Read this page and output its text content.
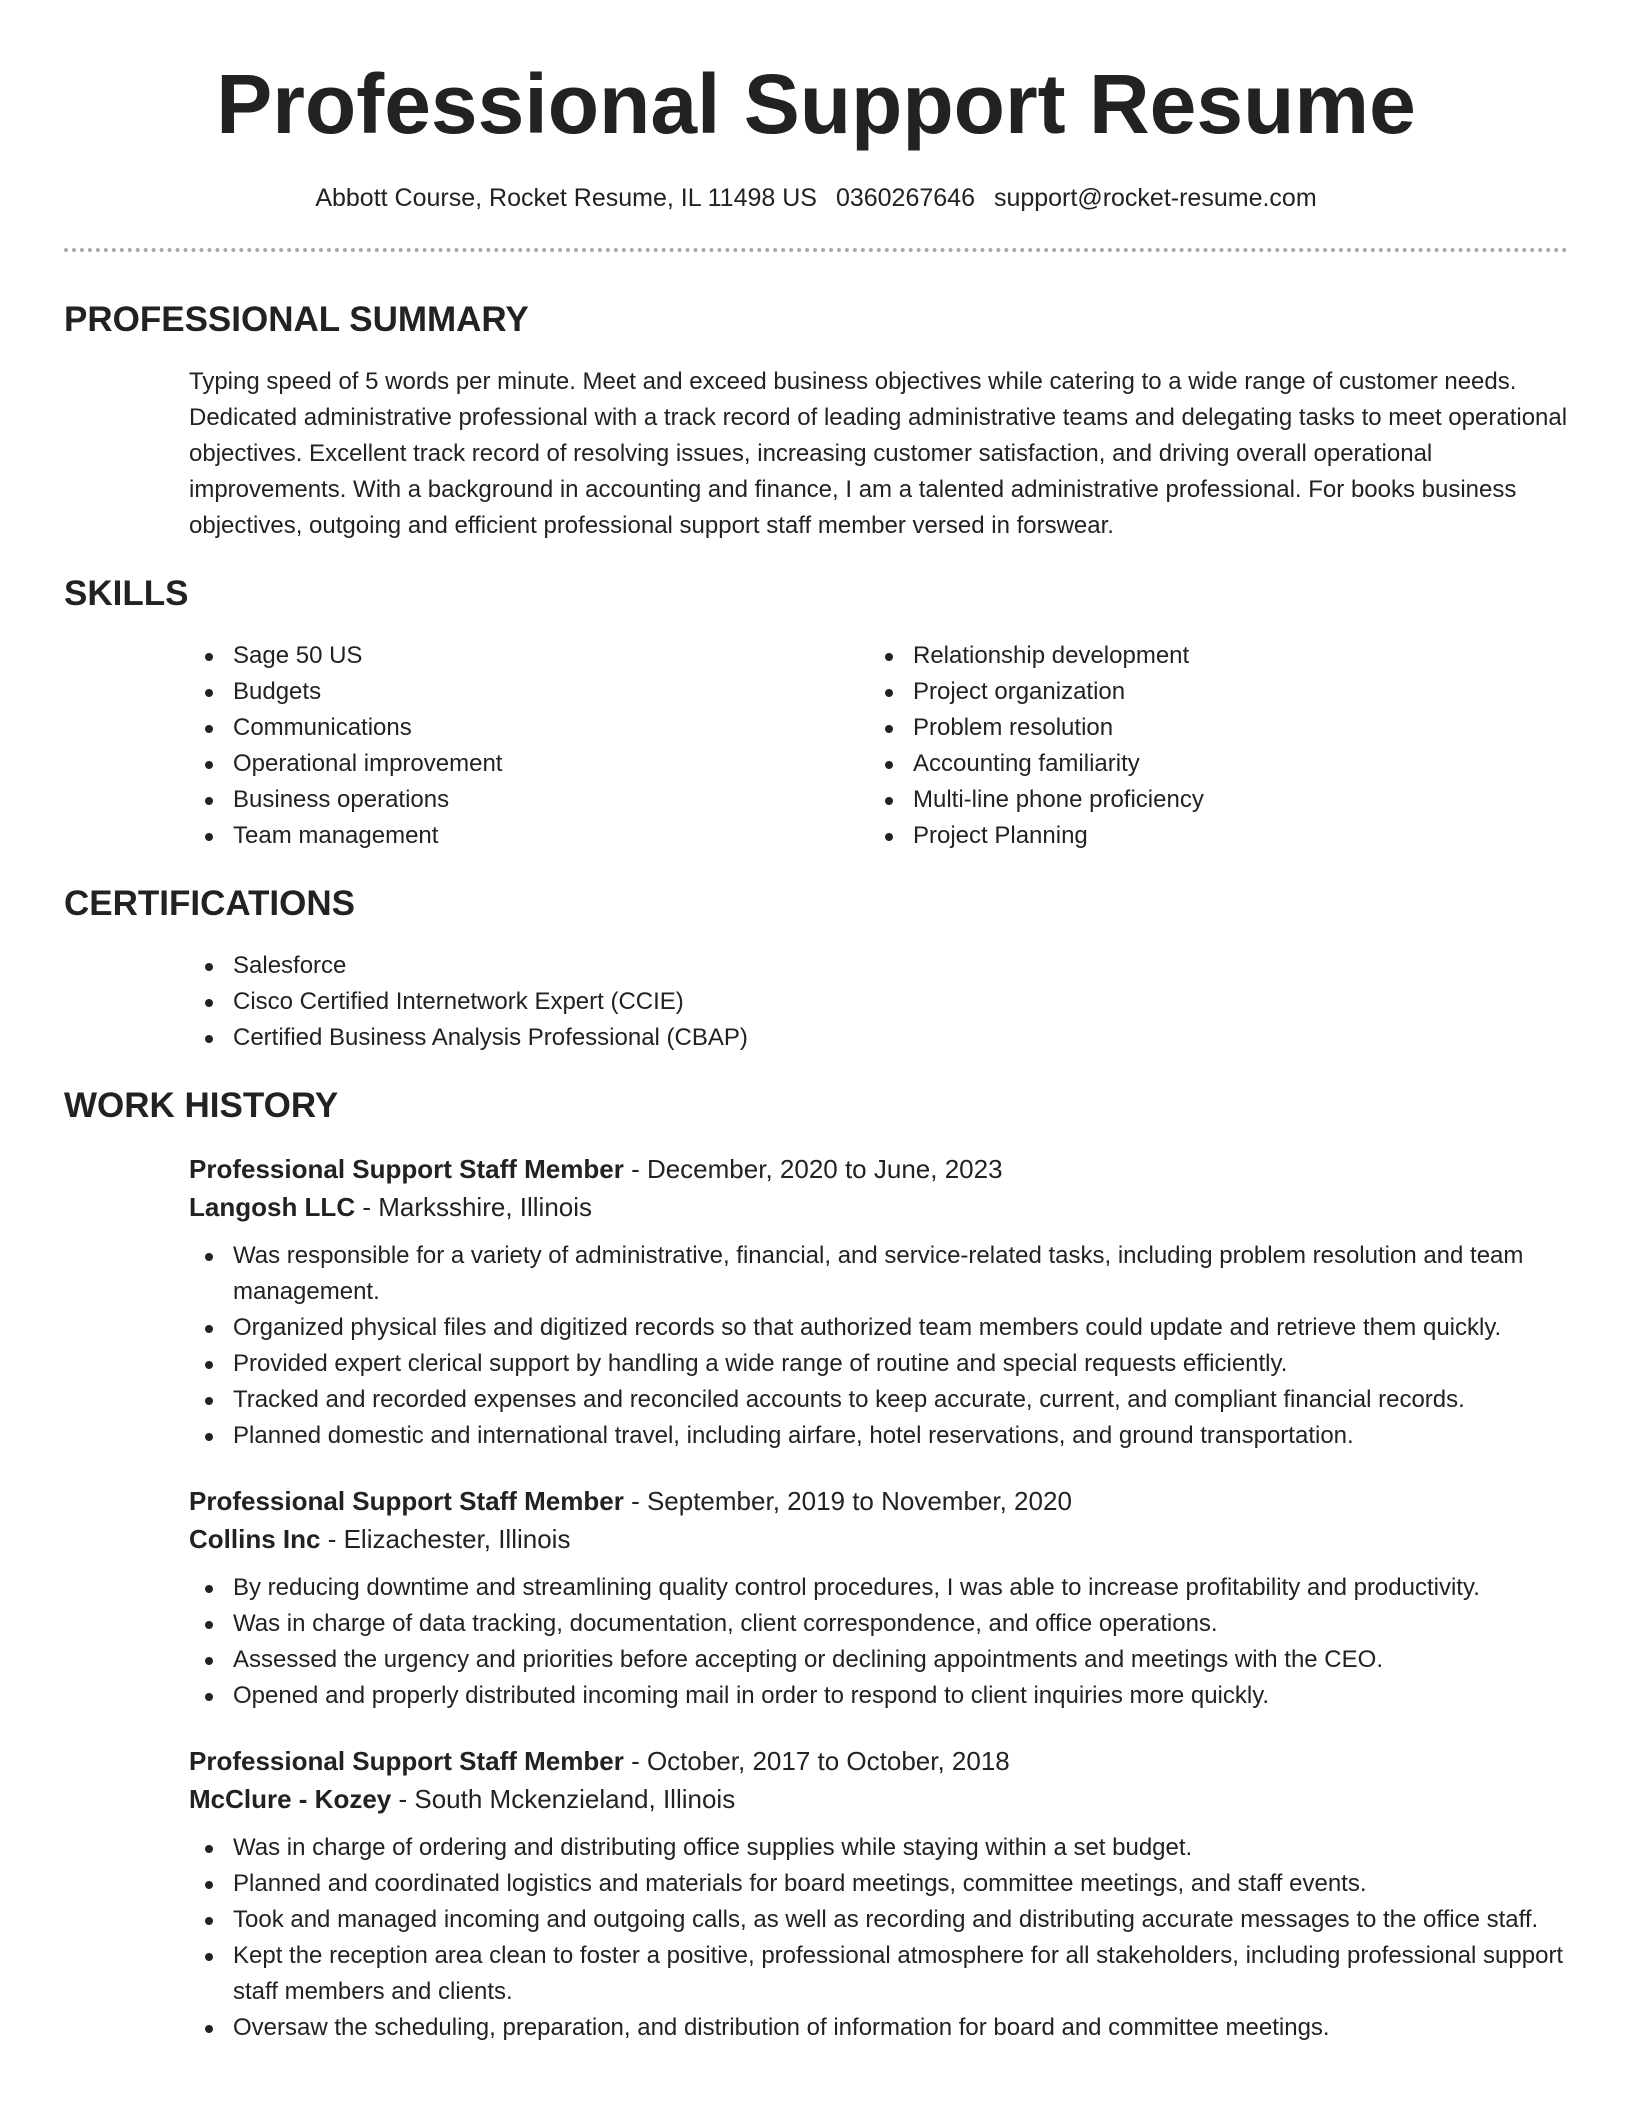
Professional Support Resume
Abbott Course, Rocket Resume, IL 11498 US 0360267646 support@rocket-resume.com
PROFESSIONAL SUMMARY

Typing speed of 5 words per minute. Meet and exceed business objectives while catering to a wide range of customer needs. Dedicated administrative professional with a track record of leading administrative teams and delegating tasks to meet operational objectives. Excellent track record of resolving issues, increasing customer satisfaction, and driving overall operational improvements. With a background in accounting and finance, I am a talented administrative professional. For books business objectives, outgoing and efficient professional support staff member versed in forswear.

SKILLS
Sage 50 US
Budgets
Communications
Operational improvement
Business operations
Team management
Relationship development
Project organization
Problem resolution
Accounting familiarity
Multi-line phone proficiency
Project Planning
CERTIFICATIONS
Salesforce
Cisco Certified Internetwork Expert (CCIE)
Certified Business Analysis Professional (CBAP)
WORK HISTORY
Professional Support Staff Member - December, 2020 to June, 2023
Langosh LLC - Marksshire, Illinois
Was responsible for a variety of administrative, financial, and service-related tasks, including problem resolution and team management.
Organized physical files and digitized records so that authorized team members could update and retrieve them quickly.
Provided expert clerical support by handling a wide range of routine and special requests efficiently.
Tracked and recorded expenses and reconciled accounts to keep accurate, current, and compliant financial records.
Planned domestic and international travel, including airfare, hotel reservations, and ground transportation.
Professional Support Staff Member - September, 2019 to November, 2020
Collins Inc - Elizachester, Illinois
By reducing downtime and streamlining quality control procedures, I was able to increase profitability and productivity.
Was in charge of data tracking, documentation, client correspondence, and office operations.
Assessed the urgency and priorities before accepting or declining appointments and meetings with the CEO.
Opened and properly distributed incoming mail in order to respond to client inquiries more quickly.
Professional Support Staff Member - October, 2017 to October, 2018
McClure - Kozey - South Mckenzieland, Illinois
Was in charge of ordering and distributing office supplies while staying within a set budget.
Planned and coordinated logistics and materials for board meetings, committee meetings, and staff events.
Took and managed incoming and outgoing calls, as well as recording and distributing accurate messages to the office staff.
Kept the reception area clean to foster a positive, professional atmosphere for all stakeholders, including professional support staff members and clients.
Oversaw the scheduling, preparation, and distribution of information for board and committee meetings.
